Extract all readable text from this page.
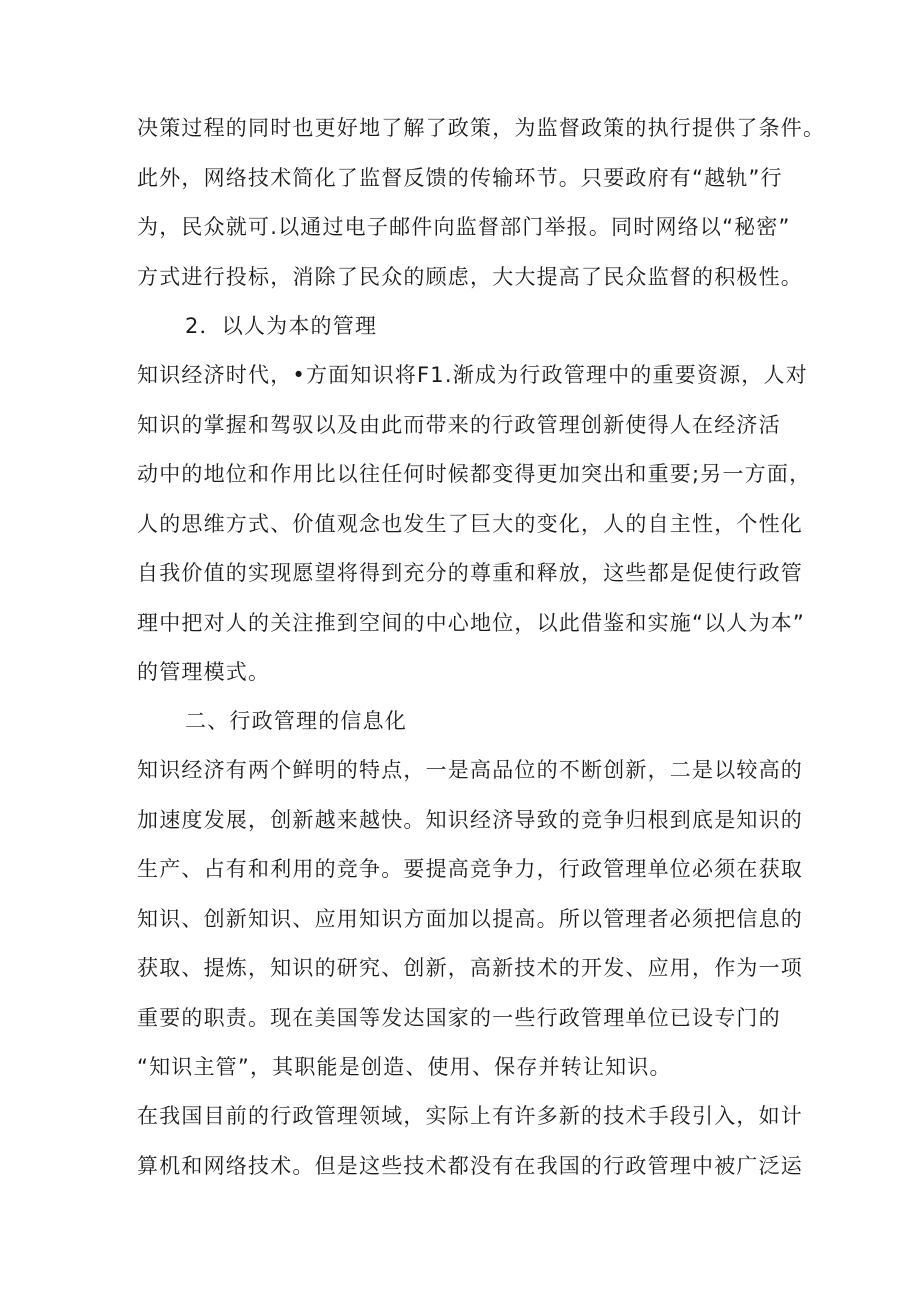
决策过程的同时也更好地了解了政策，为监督政策的执行提供了条件。
此外，网络技术简化了监督反馈的传输环节。只要政府有“越轨”行
为，民众就可.以通过电子邮件向监督部门举报。同时网络以“秘密”
方式进行投标，消除了民众的顾虑，大大提高了民众监督的积极性。
2．以人为本的管理
知识经济时代，•方面知识将F1.渐成为行政管理中的重要资源，人对
知识的掌握和驾驭以及由此而带来的行政管理创新使得人在经济活
动中的地位和作用比以往任何时候都变得更加突出和重要;另一方面，
人的思维方式、价值观念也发生了巨大的变化，人的自主性，个性化
自我价值的实现愿望将得到充分的尊重和释放，这些都是促使行政管
理中把对人的关注推到空间的中心地位，以此借鉴和实施“以人为本”
的管理模式。
二、行政管理的信息化
知识经济有两个鲜明的特点，一是高品位的不断创新，二是以较高的
加速度发展，创新越来越快。知识经济导致的竞争归根到底是知识的
生产、占有和利用的竞争。要提高竞争力，行政管理单位必须在获取
知识、创新知识、应用知识方面加以提高。所以管理者必须把信息的
获取、提炼，知识的研究、创新，高新技术的开发、应用，作为一项
重要的职责。现在美国等发达国家的一些行政管理单位已设专门的
“知识主管”，其职能是创造、使用、保存并转让知识。
在我国目前的行政管理领域，实际上有许多新的技术手段引入，如计
算机和网络技术。但是这些技术都没有在我国的行政管理中被广泛运
